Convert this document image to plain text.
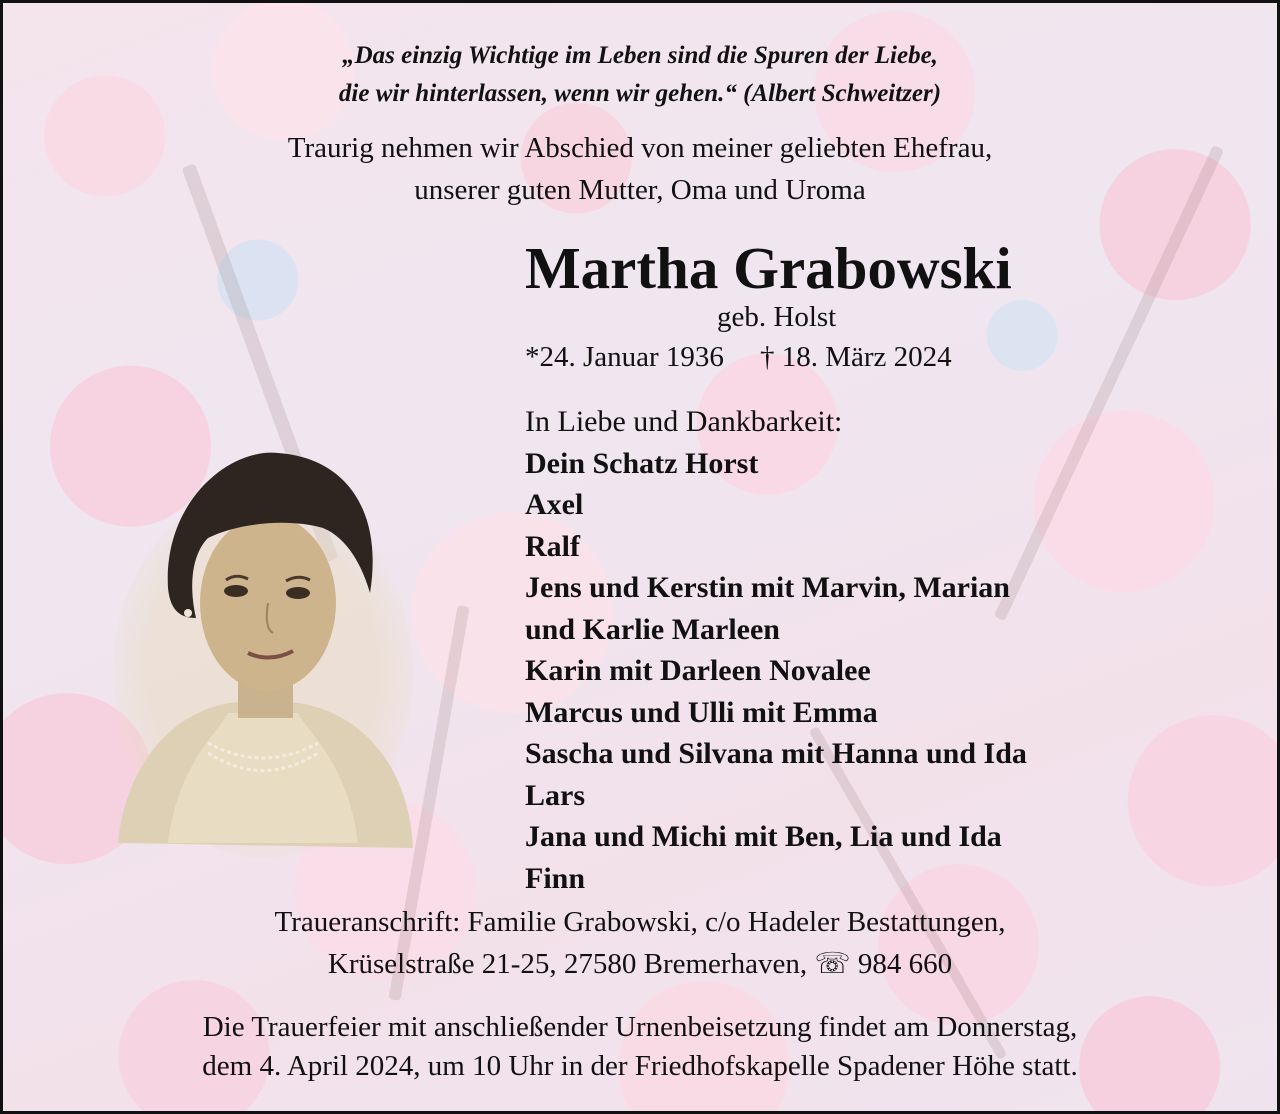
„Das einzig Wichtige im Leben sind die Spuren der Liebe,
die wir hinterlassen, wenn wir gehen.“ (Albert Schweitzer)
Traurig nehmen wir Abschied von meiner geliebten Ehefrau,
unserer guten Mutter, Oma und Uroma
Martha Grabowski
geb. Holst
*24. Januar 1936 † 18. März 2024
In Liebe und Dankbarkeit:
Dein Schatz Horst
Axel
Ralf
Jens und Kerstin mit Marvin, Marian
und Karlie Marleen
Karin mit Darleen Novalee
Marcus und Ulli mit Emma
Sascha und Silvana mit Hanna und Ida
Lars
Jana und Michi mit Ben, Lia und Ida
Finn
Traueranschrift: Familie Grabowski, c/o Hadeler Bestattungen,
Krüselstraße 21-25, 27580 Bremerhaven, ☏ 984 660
Die Trauerfeier mit anschließender Urnenbeisetzung findet am Donnerstag,
dem 4. April 2024, um 10 Uhr in der Friedhofskapelle Spadener Höhe statt.
